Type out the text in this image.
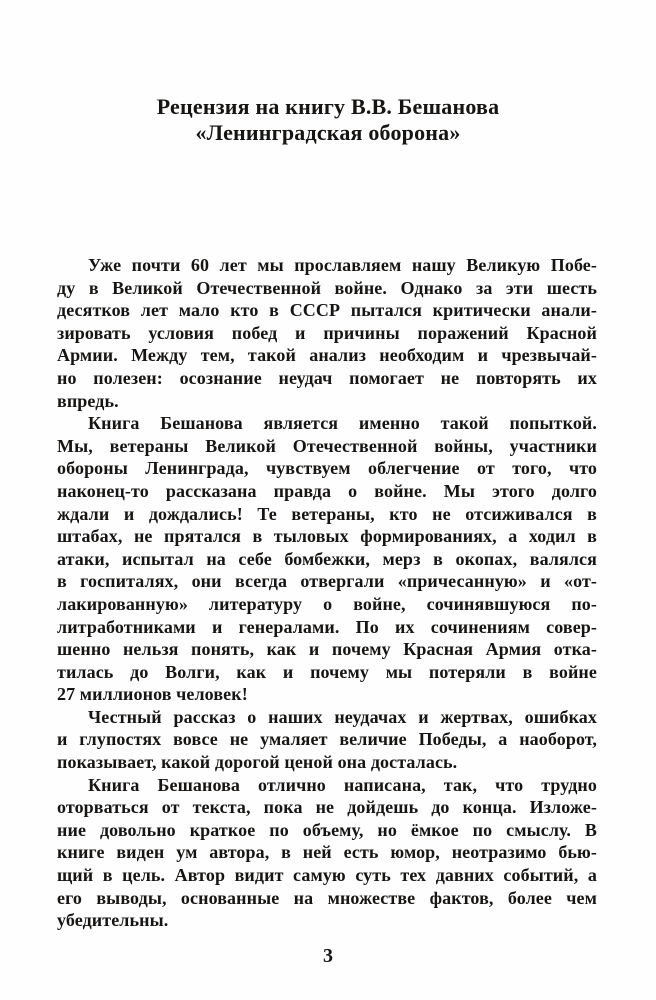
Рецензия на книгу В.В. Бешанова
«Ленинградская оборона»
Уже почти 60 лет мы прославляем нашу Великую Побе-
ду в Великой Отечественной войне. Однако за эти шесть
десятков лет мало кто в СССР пытался критически анали-
зировать условия побед и причины поражений Красной
Армии. Между тем, такой анализ необходим и чрезвычай-
но полезен: осознание неудач помогает не повторять их
впредь.
Книга Бешанова является именно такой попыткой.
Мы, ветераны Великой Отечественной войны, участники
обороны Ленинграда, чувствуем облегчение от того, что
наконец-то рассказана правда о войне. Мы этого долго
ждали и дождались! Те ветераны, кто не отсиживался в
штабах, не прятался в тыловых формированиях, а ходил в
атаки, испытал на себе бомбежки, мерз в окопах, валялся
в госпиталях, они всегда отвергали «причесанную» и «от-
лакированную» литературу о войне, сочинявшуюся по-
литработниками и генералами. По их сочинениям совер-
шенно нельзя понять, как и почему Красная Армия отка-
тилась до Волги, как и почему мы потеряли в войне
27 миллионов человек!
Честный рассказ о наших неудачах и жертвах, ошибках
и глупостях вовсе не умаляет величие Победы, а наоборот,
показывает, какой дорогой ценой она досталась.
Книга Бешанова отлично написана, так, что трудно
оторваться от текста, пока не дойдешь до конца. Изложе-
ние довольно краткое по объему, но ёмкое по смыслу. В
книге виден ум автора, в ней есть юмор, неотразимо бью-
щий в цель. Автор видит самую суть тех давних событий, а
его выводы, основанные на множестве фактов, более чем
убедительны.
3
